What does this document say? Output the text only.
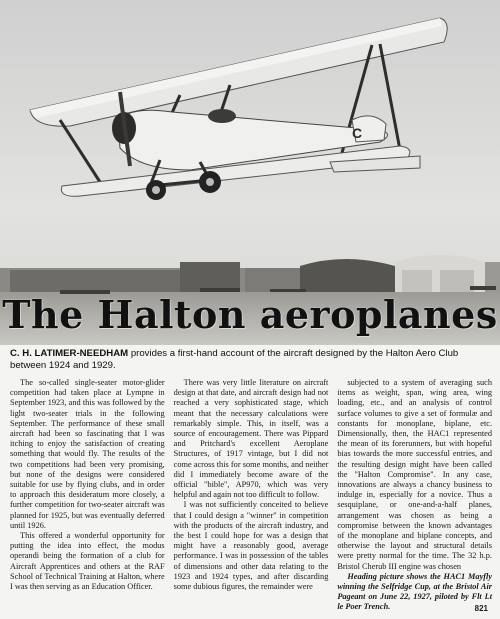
C
The Halton aeroplanes
C. H. LATIMER-NEEDHAM provides a first-hand account of the aircraft designed by the Halton Aero Club between 1924 and 1929.

The so-called single-seater motor-glider competition had taken place at Lympne in September 1923, and this was followed by the light two-seater trials in the following September. The performance of these small aircraft had been so fascinating that I was itching to enjoy the satisfaction of creating something that would fly. The results of the two competitions had been very promising, but none of the designs were considered suitable for use by flying clubs, and in order to approach this desideratum more closely, a further competition for two-seater aircraft was planned for 1925, but was eventually deferred until 1926.

This offered a wonderful opportunity for putting the idea into effect, the modus operandi being the formation of a club for Aircraft Apprentices and others at the RAF School of Technical Training at Halton, where I was then serving as an Education Officer.

There was very little literature on aircraft design at that date, and aircraft design had not reached a very sophisticated stage, which meant that the necessary calculations were remarkably simple. This, in itself, was a source of encouragement. There was Pippard and Pritchard's excellent Aeroplane Structures, of 1917 vintage, but I did not come across this for some months, and neither did I immediately become aware of the official "bible", AP970, which was very helpful and again not too difficult to follow.

I was not sufficiently conceited to believe that I could design a "winner" in competition with the products of the aircraft industry, and the best I could hope for was a design that might have a reasonably good, average performance. I was in possession of the tables of dimensions and other data relating to the 1923 and 1924 types, and after discarding some dubious figures, the remainder were

subjected to a system of averaging such items as weight, span, wing area, wing loading, etc., and an analysis of control surface volumes to give a set of formulæ and constants for monoplane, biplane, etc. Dimensionally, then, the HAC1 represented the mean of its forerunners, but with hopeful bias towards the more successful entries, and the resulting design might have been called the "Halton Compromise". In any case, innovations are always a chancy business to indulge in, especially for a novice. Thus a sesquiplane, or one-and-a-half planes, arrangement was chosen as being a compromise between the known advantages of the monoplane and biplane concepts, and otherwise the layout and structural details were pretty normal for the time. The 32 h.p. Bristol Cherub III engine was chosen

Heading picture shows the HAC1 Mayfly winning the Selfridge Cup, at the Bristol Air Pageant on June 22, 1927, piloted by Flt Lt le Poer Trench.	821
